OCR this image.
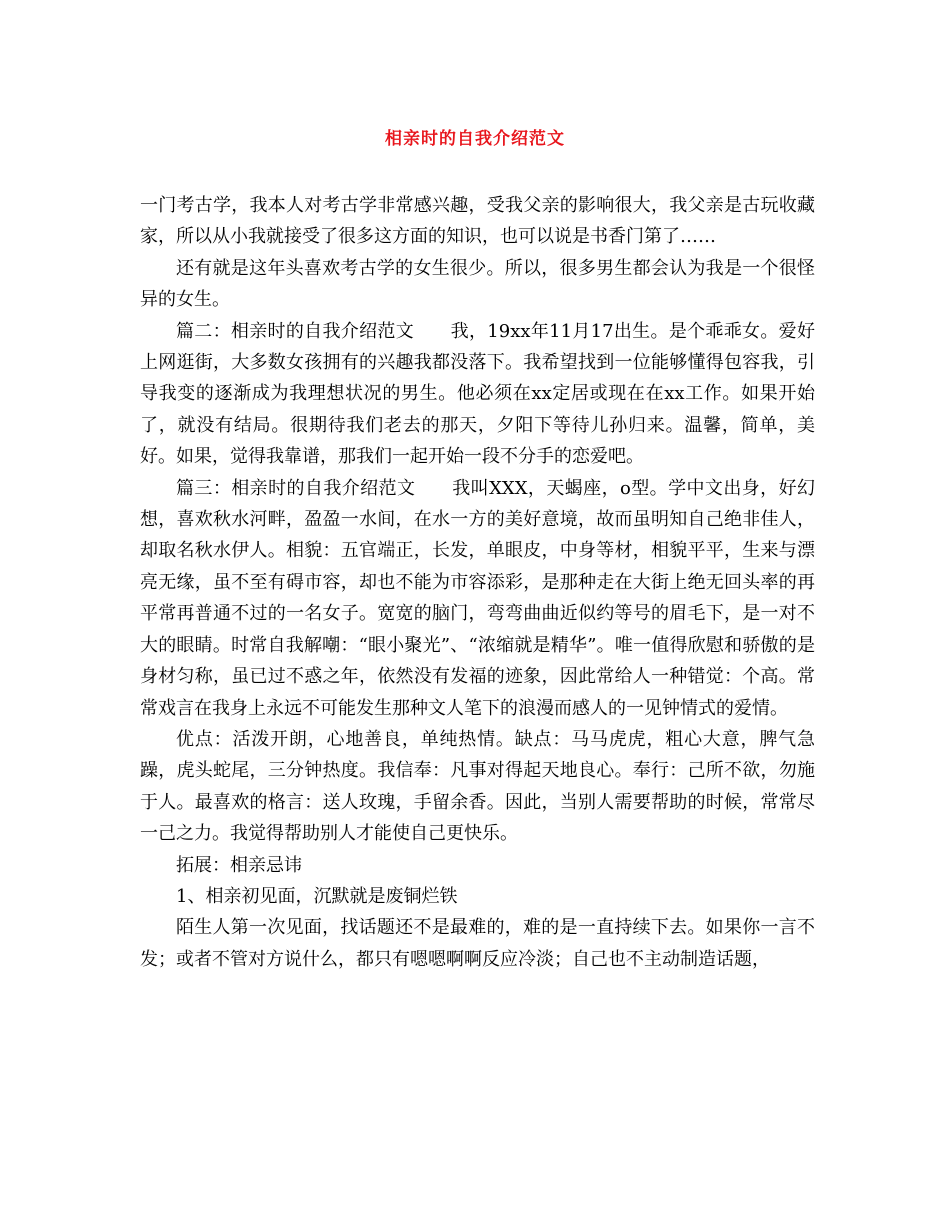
相亲时的自我介绍范文

一门考古学，我本人对考古学非常感兴趣，受我父亲的影响很大，我父亲是古玩收藏家，所以从小我就接受了很多这方面的知识，也可以说是书香门第了……

还有就是这年头喜欢考古学的女生很少。所以，很多男生都会认为我是一个很怪异的女生。

篇二：相亲时的自我介绍范文　　我，19xx年11月17出生。是个乖乖女。爱好上网逛街，大多数女孩拥有的兴趣我都没落下。我希望找到一位能够懂得包容我，引导我变的逐渐成为我理想状况的男生。他必须在xx定居或现在在xx工作。如果开始了，就没有结局。很期待我们老去的那天，夕阳下等待儿孙归来。温馨，简单，美好。如果，觉得我靠谱，那我们一起开始一段不分手的恋爱吧。

篇三：相亲时的自我介绍范文　　我叫XXX，天蝎座，o型。学中文出身，好幻想，喜欢秋水河畔，盈盈一水间，在水一方的美好意境，故而虽明知自己绝非佳人，却取名秋水伊人。相貌：五官端正，长发，单眼皮，中身等材，相貌平平，生来与漂亮无缘，虽不至有碍市容，却也不能为市容添彩，是那种走在大街上绝无回头率的再平常再普通不过的一名女子。宽宽的脑门，弯弯曲曲近似约等号的眉毛下，是一对不大的眼睛。时常自我解嘲：“眼小聚光”、“浓缩就是精华”。唯一值得欣慰和骄傲的是身材匀称，虽已过不惑之年，依然没有发福的迹象，因此常给人一种错觉：个高。常常戏言在我身上永远不可能发生那种文人笔下的浪漫而感人的一见钟情式的爱情。

优点：活泼开朗，心地善良，单纯热情。缺点：马马虎虎，粗心大意，脾气急躁，虎头蛇尾，三分钟热度。我信奉：凡事对得起天地良心。奉行：己所不欲，勿施于人。最喜欢的格言：送人玫瑰，手留余香。因此，当别人需要帮助的时候，常常尽一己之力。我觉得帮助别人才能使自己更快乐。

拓展：相亲忌讳

1、相亲初见面，沉默就是废铜烂铁

陌生人第一次见面，找话题还不是最难的，难的是一直持续下去。如果你一言不发；或者不管对方说什么，都只有嗯嗯啊啊反应冷淡；自己也不主动制造话题，
